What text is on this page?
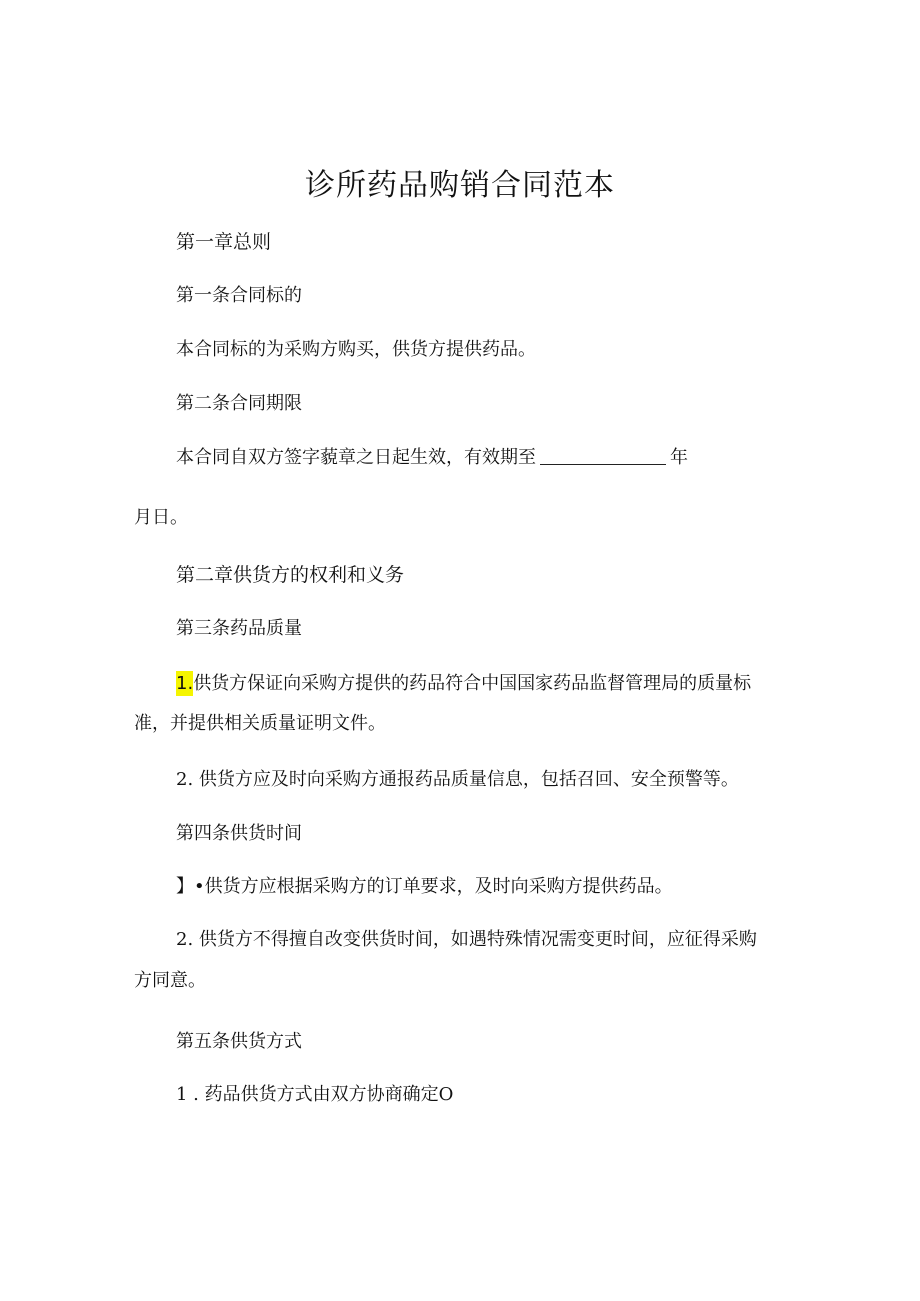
诊所药品购销合同范本
第一章总则
第一条合同标的
本合同标的为采购方购买，供货方提供药品。
第二条合同期限
本合同自双方签字藐章之日起生效，有效期至	年
月日。
第二章供货方的权利和义务
第三条药品质量
1.供货方保证向采购方提供的药品符合中国国家药品监督管理局的质量标
准，并提供相关质量证明文件。
2. 供货方应及时向采购方通报药品质量信息，包括召回、安全预警等。
第四条供货时间
】•供货方应根据采购方的订单要求，及时向采购方提供药品。
2. 供货方不得擅自改变供货时间，如遇特殊情况需变更时间，应征得采购
方同意。
第五条供货方式
1 . 药品供货方式由双方协商确定O
